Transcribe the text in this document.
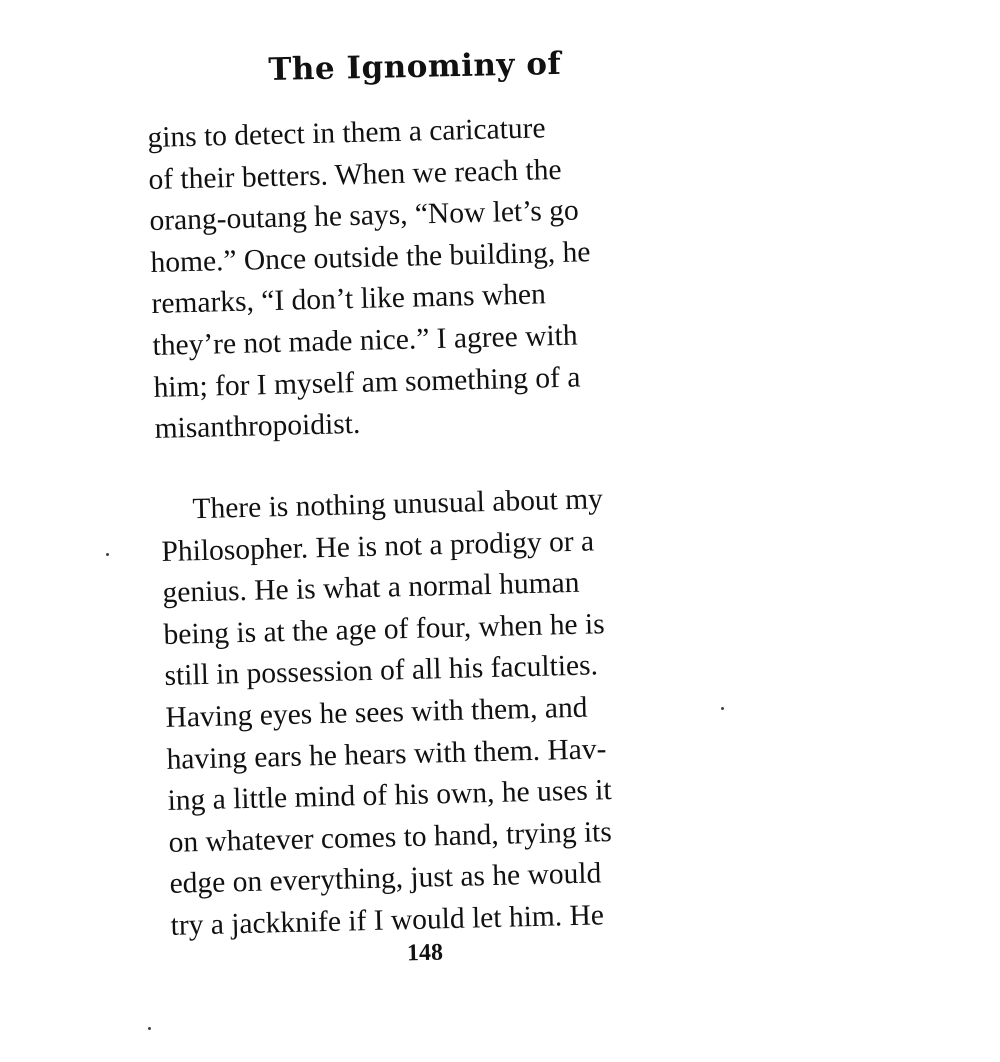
The Ignominy of
gins to detect in them a caricature
of their betters. When we reach the
orang-outang he says, “Now let’s go
home.” Once outside the building, he
remarks, “I don’t like mans when
they’re not made nice.” I agree with
him; for I myself am something of a
misanthropoidist.
There is nothing unusual about my
Philosopher. He is not a prodigy or a
genius. He is what a normal human
being is at the age of four, when he is
still in possession of all his faculties.
Having eyes he sees with them, and
having ears he hears with them. Hav-
ing a little mind of his own, he uses it
on whatever comes to hand, trying its
edge on everything, just as he would
try a jackknife if I would let him. He
148
